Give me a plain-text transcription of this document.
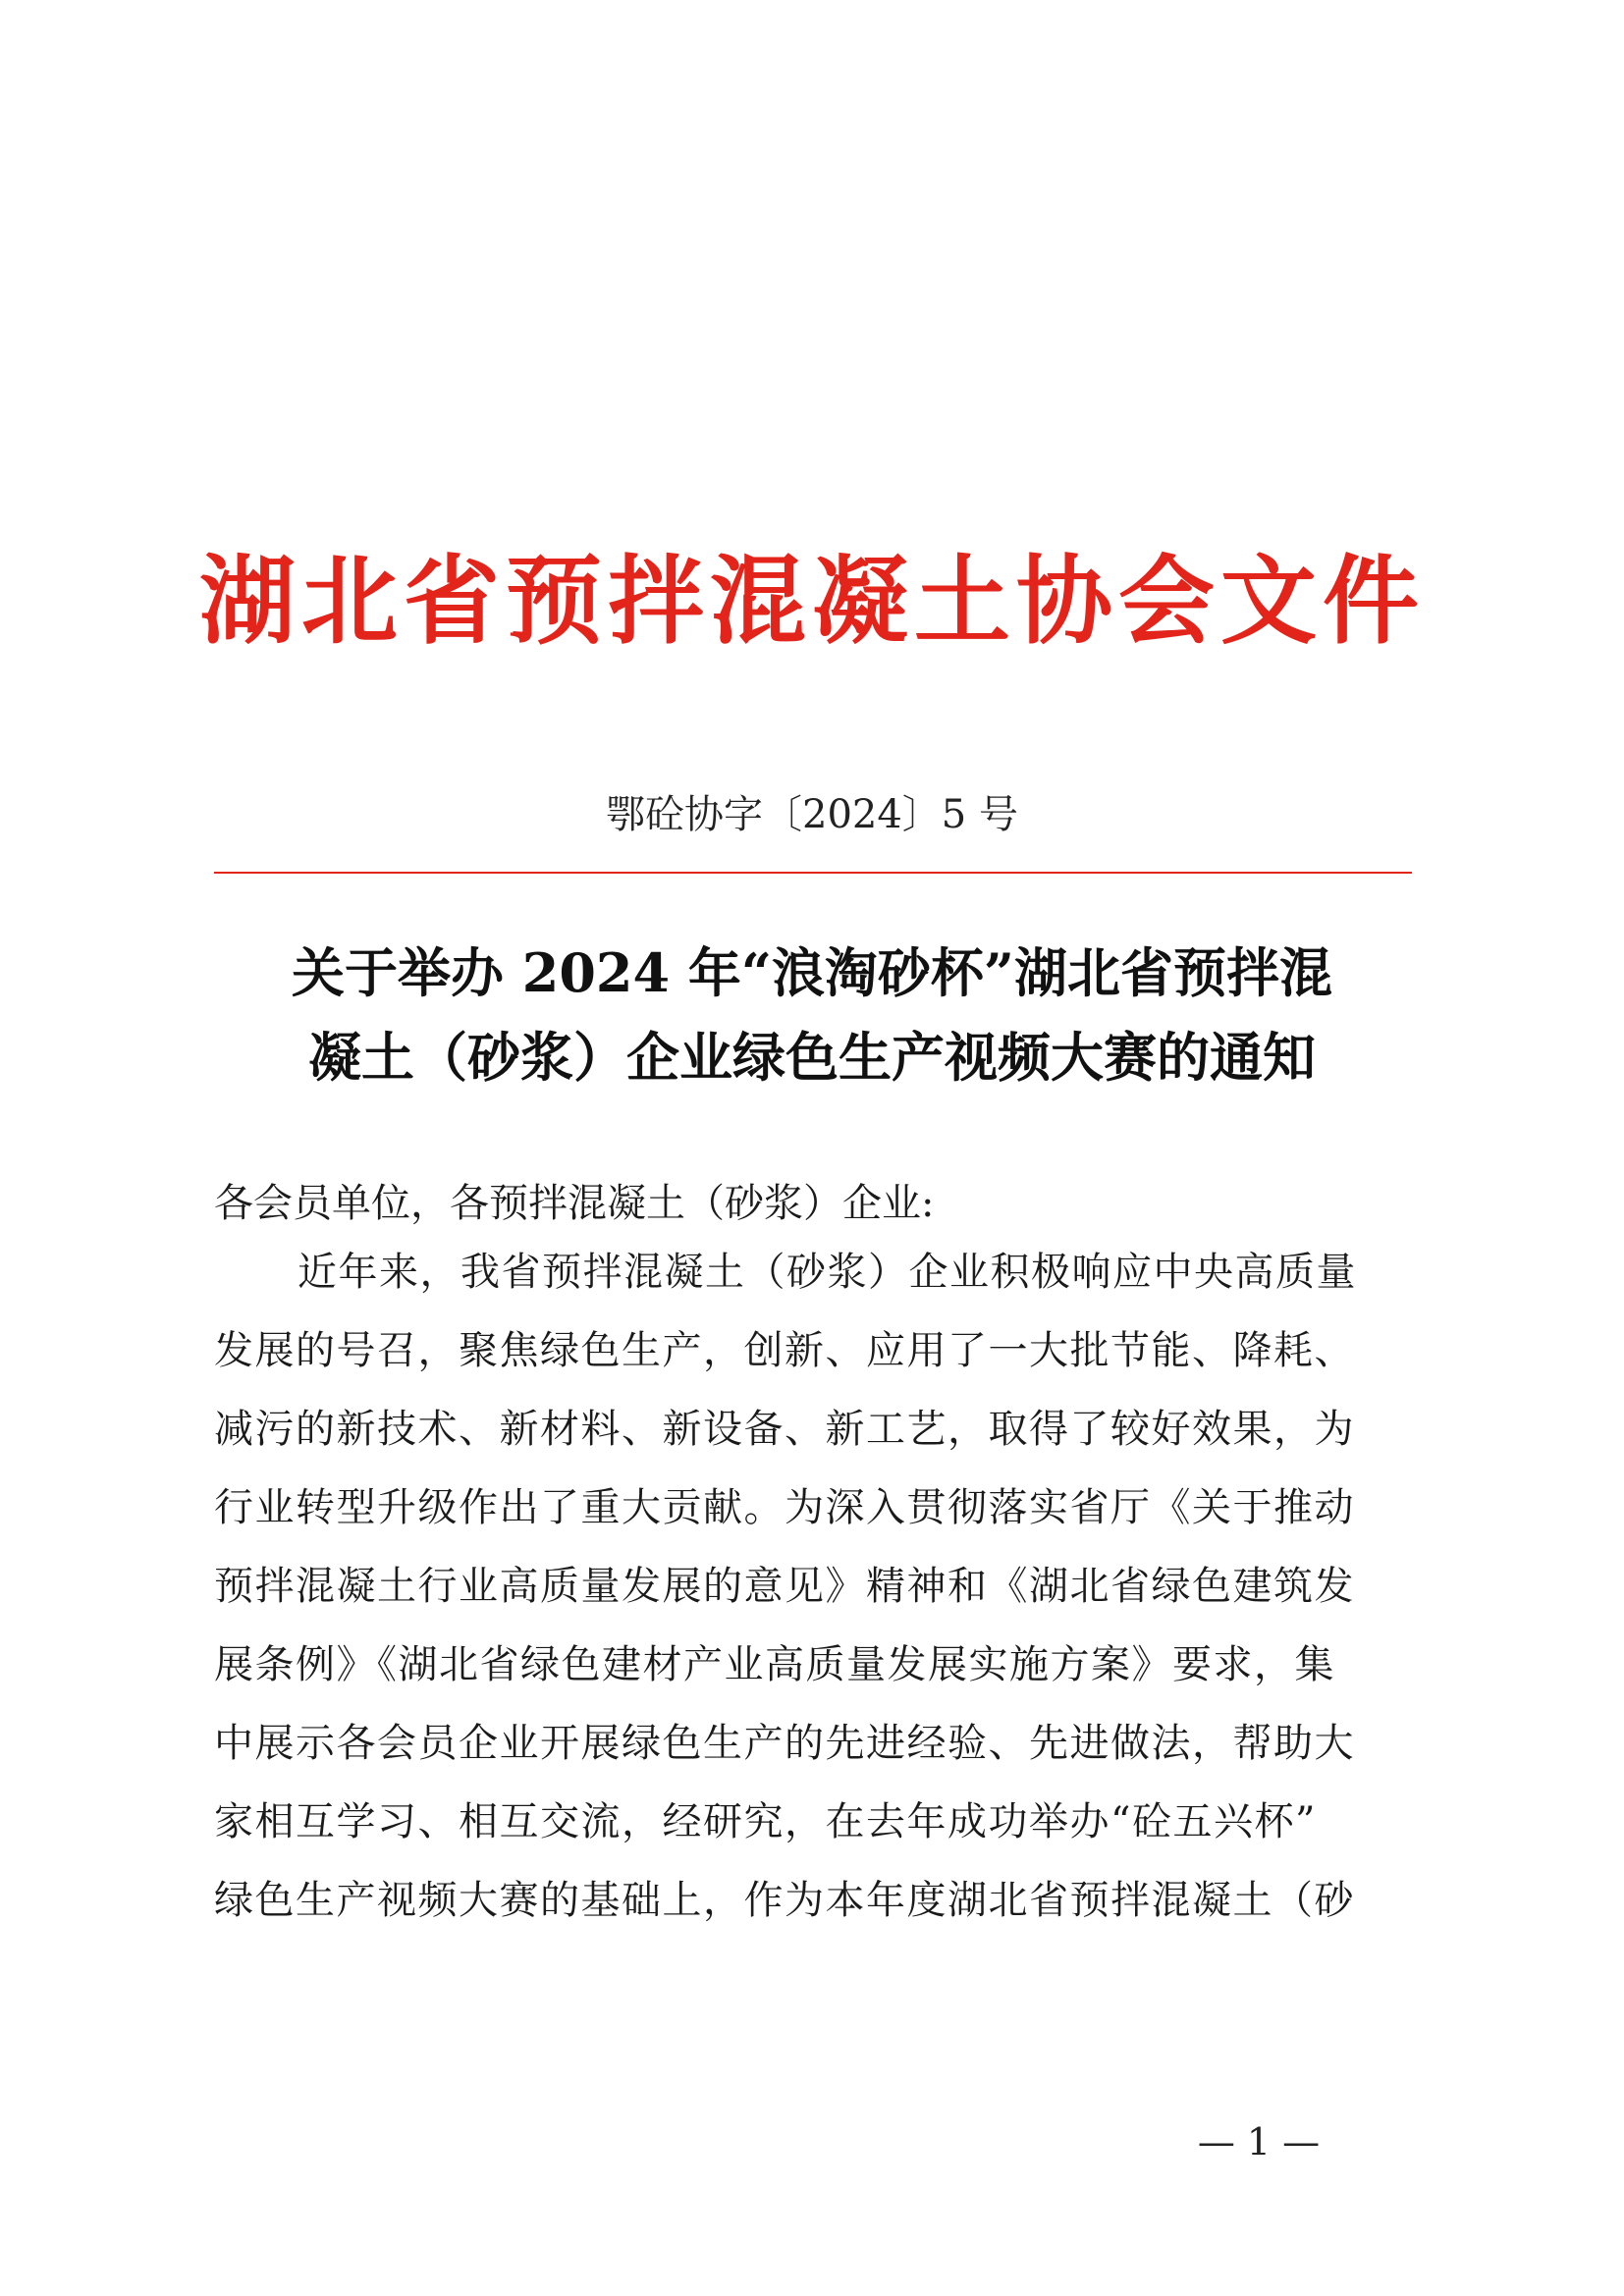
湖北省预拌混凝土协会文件
鄂砼协字〔2024〕5 号
关于举办 2024 年“浪淘砂杯”湖北省预拌混
凝土（砂浆）企业绿色生产视频大赛的通知
各会员单位，各预拌混凝土（砂浆）企业:
近年来，我省预拌混凝土（砂浆）企业积极响应中央高质量
发展的号召，聚焦绿色生产，创新、应用了一大批节能、降耗、
减污的新技术、新材料、新设备、新工艺，取得了较好效果，为
行业转型升级作出了重大贡献。为深入贯彻落实省厅《关于推动
预拌混凝土行业高质量发展的意见》精神和《湖北省绿色建筑发
展条例》《湖北省绿色建材产业高质量发展实施方案》要求，集
中展示各会员企业开展绿色生产的先进经验、先进做法，帮助大
家相互学习、相互交流，经研究，在去年成功举办“砼五兴杯”
绿色生产视频大赛的基础上，作为本年度湖北省预拌混凝土（砂
— 1 —
